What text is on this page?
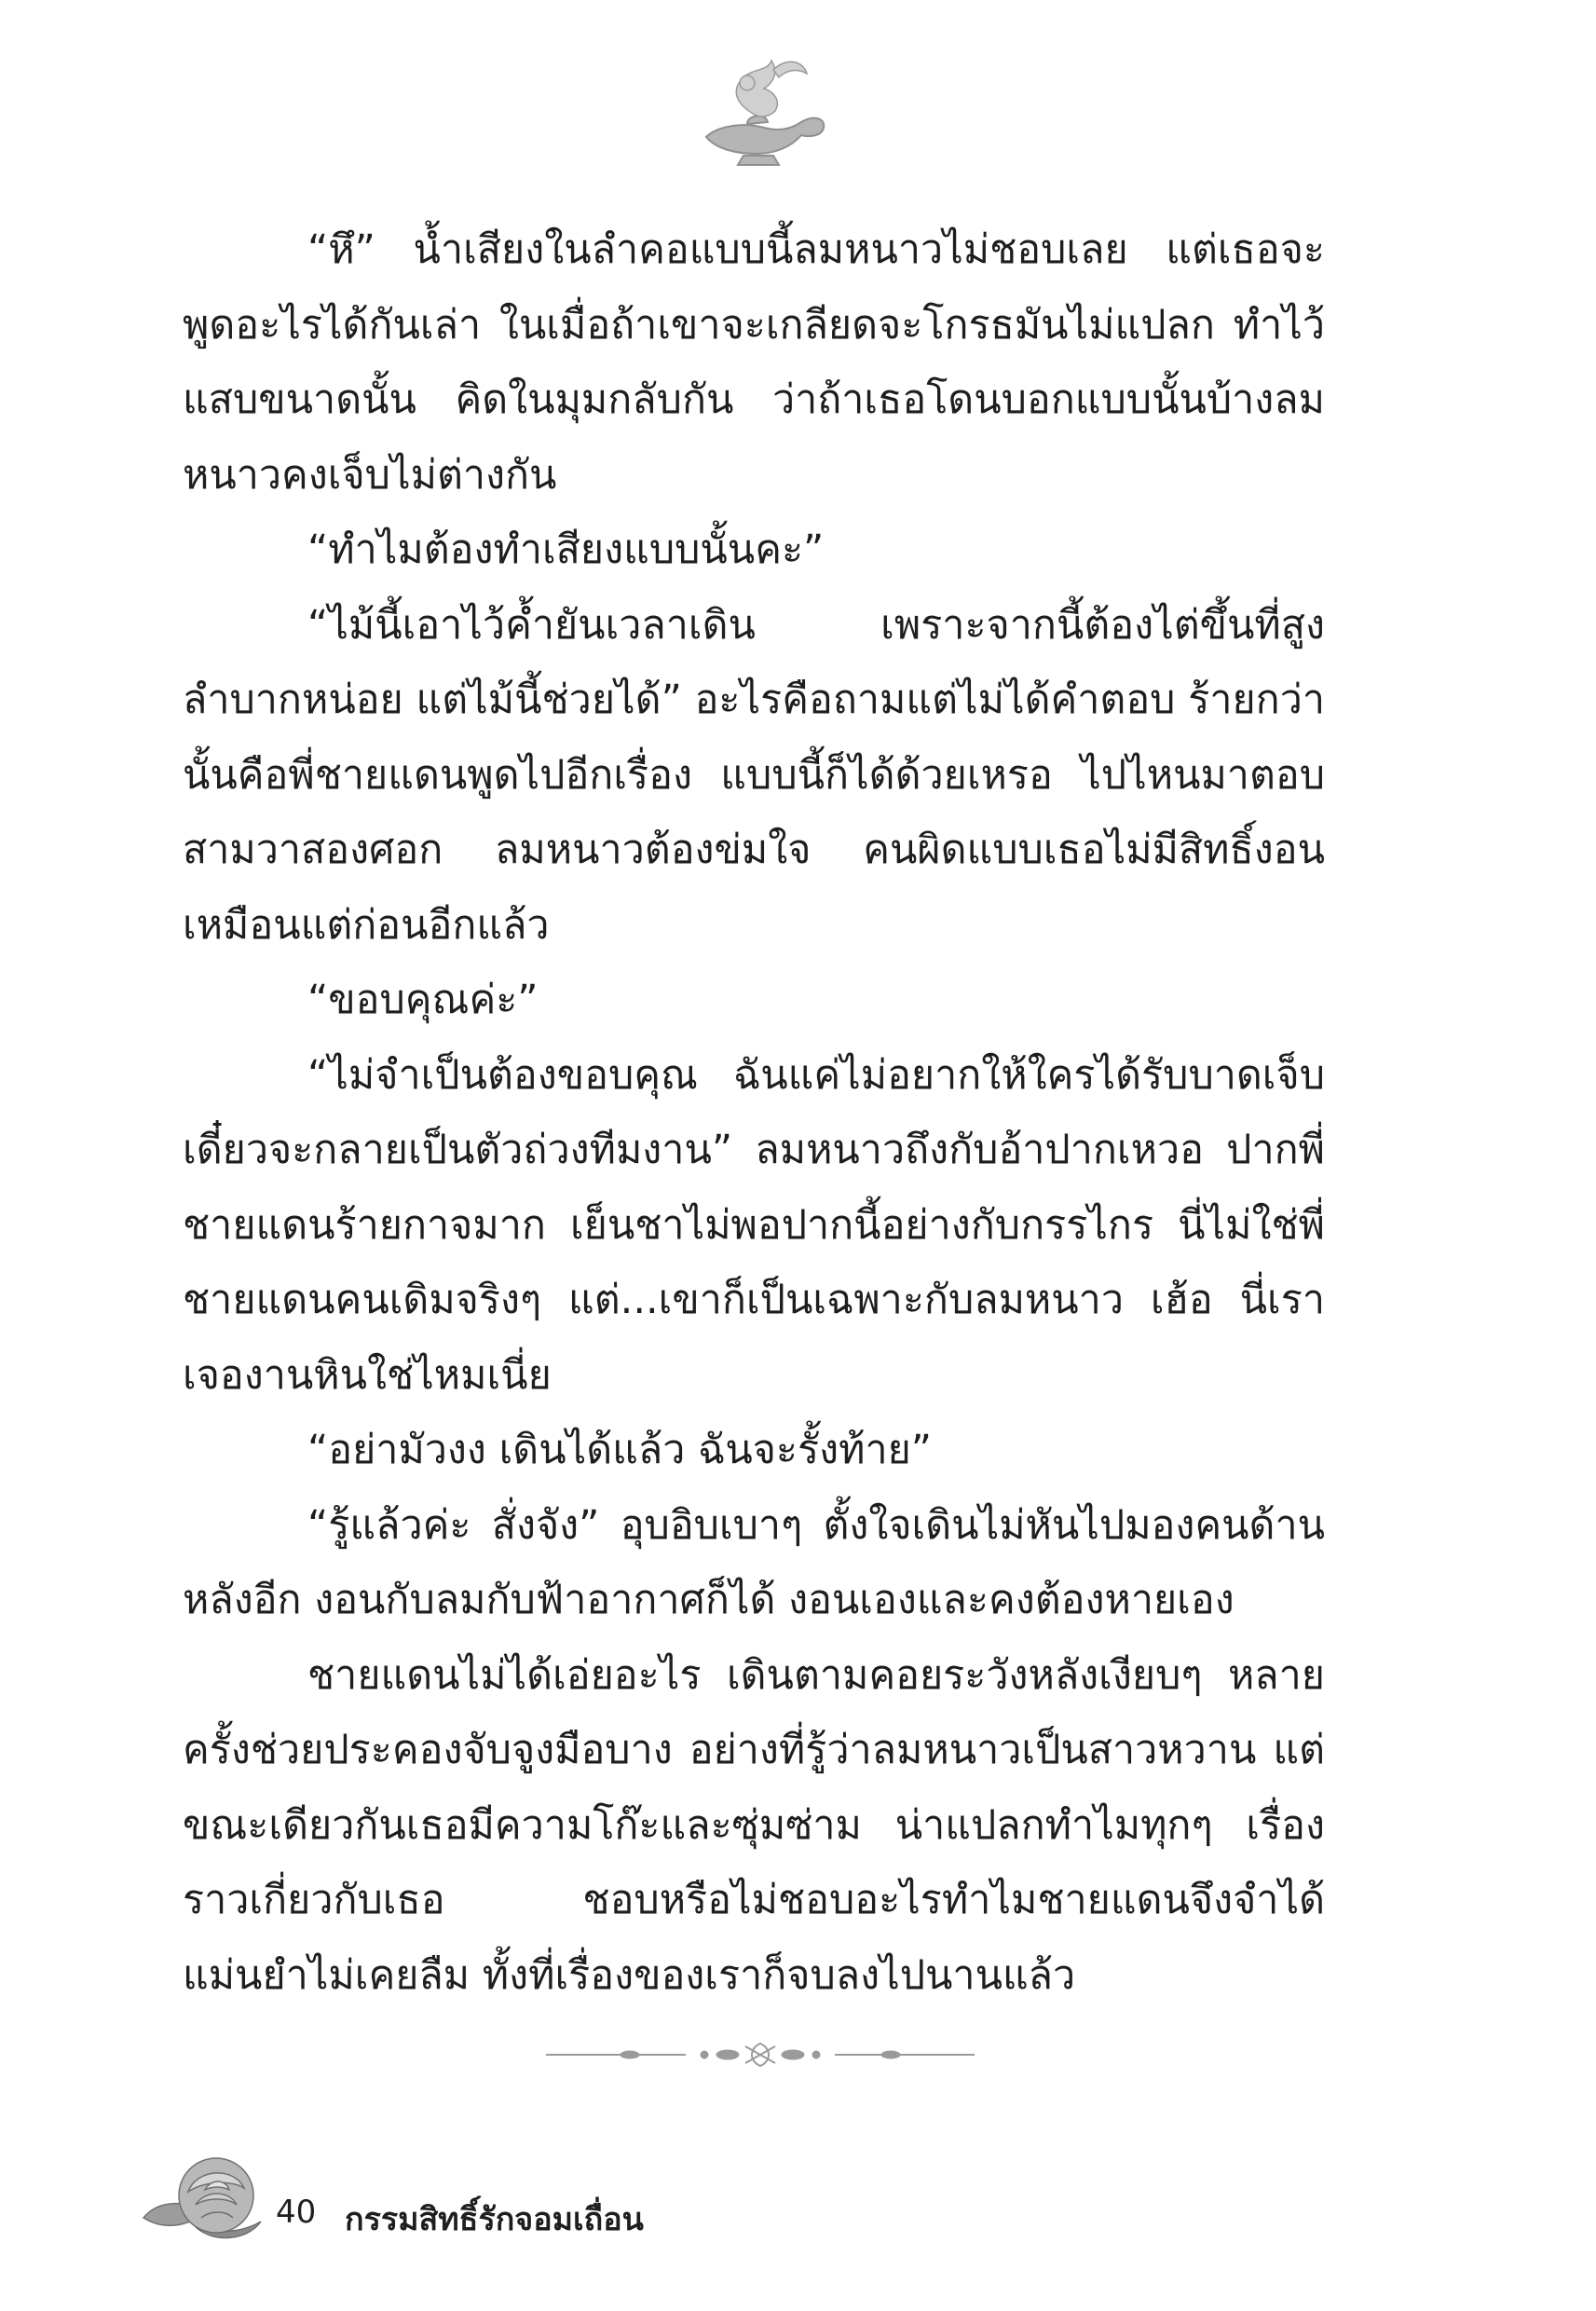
“หึ” น้ำเสียงในลำคอแบบนี้ลมหนาวไม่ชอบเลย แต่เธอจะพูดอะไรได้กันเล่า ในเมื่อถ้าเขาจะเกลียดจะโกรธมันไม่แปลก ทำไว้แสบขนาดนั้น คิดในมุมกลับกัน ว่าถ้าเธอโดนบอกแบบนั้นบ้างลมหนาวคงเจ็บไม่ต่างกัน

“ทำไมต้องทำเสียงแบบนั้นคะ”

“ไม้นี้เอาไว้ค้ำยันเวลาเดิน เพราะจากนี้ต้องไต่ขึ้นที่สูง ลำบากหน่อย แต่ไม้นี้ช่วยได้” อะไรคือถามแต่ไม่ได้คำตอบ ร้ายกว่านั้นคือพี่ชายแดนพูดไปอีกเรื่อง แบบนี้ก็ได้ด้วยเหรอ ไปไหนมาตอบสามวาสองศอก ลมหนาวต้องข่มใจ คนผิดแบบเธอไม่มีสิทธิ์งอนเหมือนแต่ก่อนอีกแล้ว

“ขอบคุณค่ะ”

“ไม่จำเป็นต้องขอบคุณ ฉันแค่ไม่อยากให้ใครได้รับบาดเจ็บเดี๋ยวจะกลายเป็นตัวถ่วงทีมงาน” ลมหนาวถึงกับอ้าปากเหวอ ปากพี่ชายแดนร้ายกาจมาก เย็นชาไม่พอปากนี้อย่างกับกรรไกร นี่ไม่ใช่พี่ชายแดนคนเดิมจริงๆ แต่...เขาก็เป็นเฉพาะกับลมหนาว เฮ้อ นี่เราเจองานหินใช่ไหมเนี่ย

“อย่ามัวงง เดินได้แล้ว ฉันจะรั้งท้าย”

“รู้แล้วค่ะ สั่งจัง” อุบอิบเบาๆ ตั้งใจเดินไม่หันไปมองคนด้านหลังอีก งอนกับลมกับฟ้าอากาศก็ได้ งอนเองและคงต้องหายเอง

ชายแดนไม่ได้เอ่ยอะไร เดินตามคอยระวังหลังเงียบๆ หลายครั้งช่วยประคองจับจูงมือบาง อย่างที่รู้ว่าลมหนาวเป็นสาวหวาน แต่ขณะเดียวกันเธอมีความโก๊ะและซุ่มซ่าม น่าแปลกทำไมทุกๆ เรื่องราวเกี่ยวกับเธอ ชอบหรือไม่ชอบอะไรทำไมชายแดนจึงจำได้แม่นยำไม่เคยลืม ทั้งที่เรื่องของเราก็จบลงไปนานแล้ว

40 กรรมสิทธิ์รักจอมเถื่อน
